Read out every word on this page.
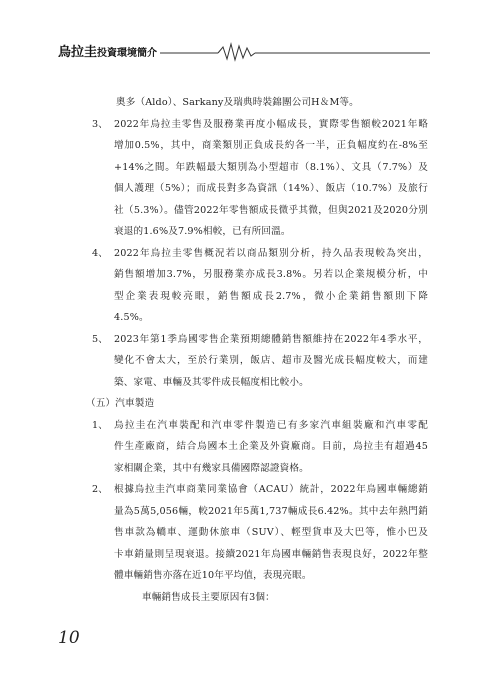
烏拉圭投資環境簡介
奧多（Aldo）、Sarkany及瑞典時裝錦團公司H＆M等。
3、 2022年烏拉圭零售及服務業再度小幅成長，實際零售額較2021年略
增加0.5%，其中，商業類別正負成長約各一半，正負幅度約在-8%至
+14%之間。年跌幅最大類別為小型超市（8.1%）、文具（7.7%）及
個人護理（5%）；而成長對多為資訊（14%）、飯店（10.7%）及旅行
社（5.3%）。儘管2022年零售額成長微乎其微，但與2021及2020分別
衰退的1.6%及7.9%相較，已有所回溫。
4、 2022年烏拉圭零售概況若以商品類別分析，持久品表現較為突出，
銷售額增加3.7%，另服務業亦成長3.8%。另若以企業規模分析，中
型企業表現較亮眼，銷售額成長2.7%，微小企業銷售額則下降
4.5%。
5、 2023年第1季烏國零售企業預期總體銷售額維持在2022年4季水平，
變化不會太大，至於行業別，飯店、超市及醫光成長幅度較大，而建
築、家電、車輛及其零件成長幅度相比較小。
（五）汽車製造
1、 烏拉圭在汽車裝配和汽車零件製造已有多家汽車組裝廠和汽車零配
件生產廠商，結合烏國本土企業及外資廠商。目前，烏拉圭有超過45
家相關企業，其中有幾家具備國際認證資格。
2、 根據烏拉圭汽車商業同業協會（ACAU）統計，2022年烏國車輛總銷
量為5萬5,056輛，較2021年5萬1,737輛成長6.42%。其中去年熱門銷
售車款為轎車、運動休旅車（SUV）、輕型貨車及大巴等，惟小巴及
卡車銷量則呈現衰退。接續2021年烏國車輛銷售表現良好，2022年整
體車輛銷售亦落在近10年平均值，表現亮眼。
車輛銷售成長主要原因有3個：
10
